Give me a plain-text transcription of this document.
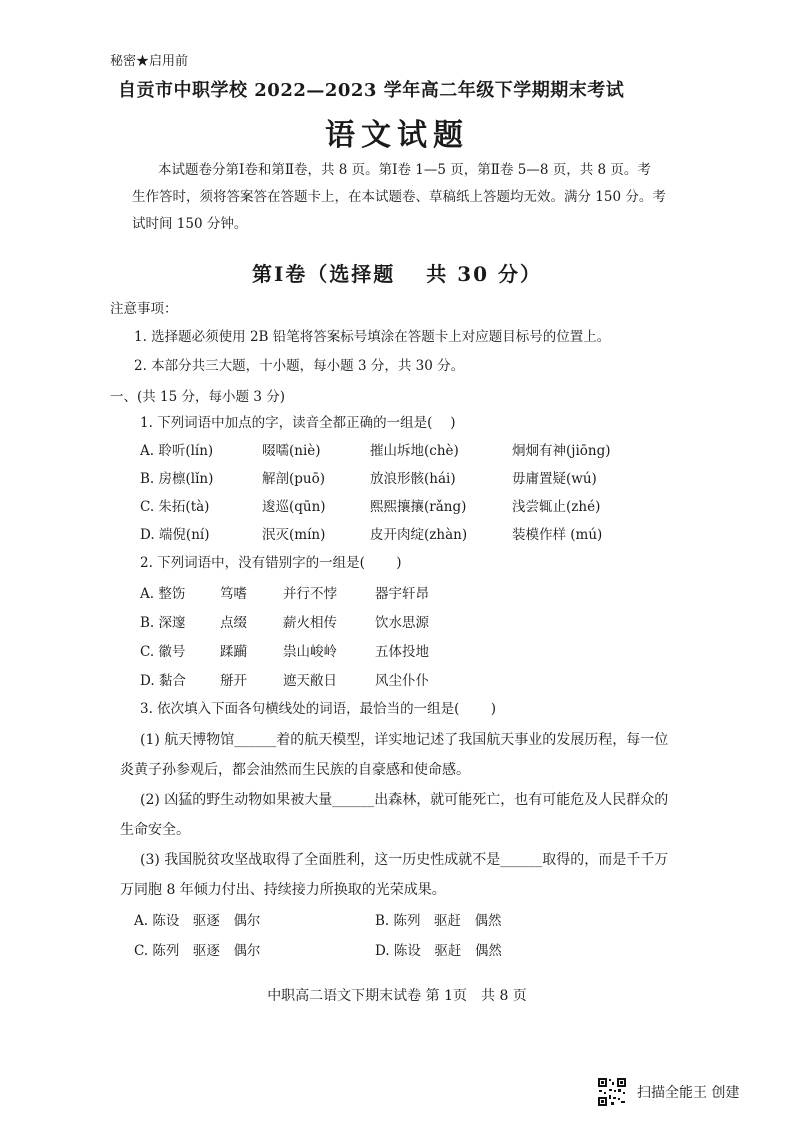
秘密★启用前
自贡市中职学校 2022—2023 学年高二年级下学期期末考试
语文试题
本试题卷分第Ⅰ卷和第Ⅱ卷，共 8 页。第Ⅰ卷 1—5 页，第Ⅱ卷 5—8 页，共 8 页。考
生作答时，须将答案答在答题卡上，在本试题卷、草稿纸上答题均无效。满分 150 分。考
试时间 150 分钟。
第Ⅰ卷（选择题　 共 30 分）
注意事项：
1. 选择题必须使用 2B 铅笔将答案标号填涂在答题卡上对应题目标号的位置上。
2. 本部分共三大题，十小题，每小题 3 分，共 30 分。
一、(共 15 分，每小题 3 分)
1. 下列词语中加点的字，读音全都正确的一组是(　 )
A. 聆听(lín)	啜嚅(niè)	摧山坼地(chè)	炯炯有神(jiōng)
B. 房檩(lǐn)	解剖(puō)	放浪形骸(hái)	毋庸置疑(wú)
C. 朱拓(tà)	逡巡(qūn)	熙熙攘攘(rǎng)	浅尝辄止(zhé)
D. 端倪(ní)	泯灭(mín)	皮开肉绽(zhàn)	装模作样 (mú)
2. 下列词语中，没有错别字的一组是(　　 )
A. 整饬	笃嗜	并行不悖	器宇轩昂
B. 深邃	点缀	薪火相传	饮水思源
C. 徽号	蹂躏	祟山峻岭	五体投地
D. 黏合	掰开	遮天敝日	风尘仆仆
3. 依次填入下面各句横线处的词语，最恰当的一组是(　　 )
(1) 航天博物馆______着的航天模型，详实地记述了我国航天事业的发展历程，每一位
炎黄子孙参观后，都会油然而生民族的自豪感和使命感。
(2) 凶猛的野生动物如果被大量______出森林，就可能死亡，也有可能危及人民群众的
生命安全。
(3) 我国脱贫攻坚战取得了全面胜利，这一历史性成就不是______取得的，而是千千万
万同胞 8 年倾力付出、持续接力所换取的光荣成果。
A. 陈设　驱逐　偶尔	B. 陈列　驱赶　偶然
C. 陈列　驱逐　偶尔	D. 陈设　驱赶　偶然
中职高二语文下期末试卷 第 1页　共 8 页
扫描全能王 创建
